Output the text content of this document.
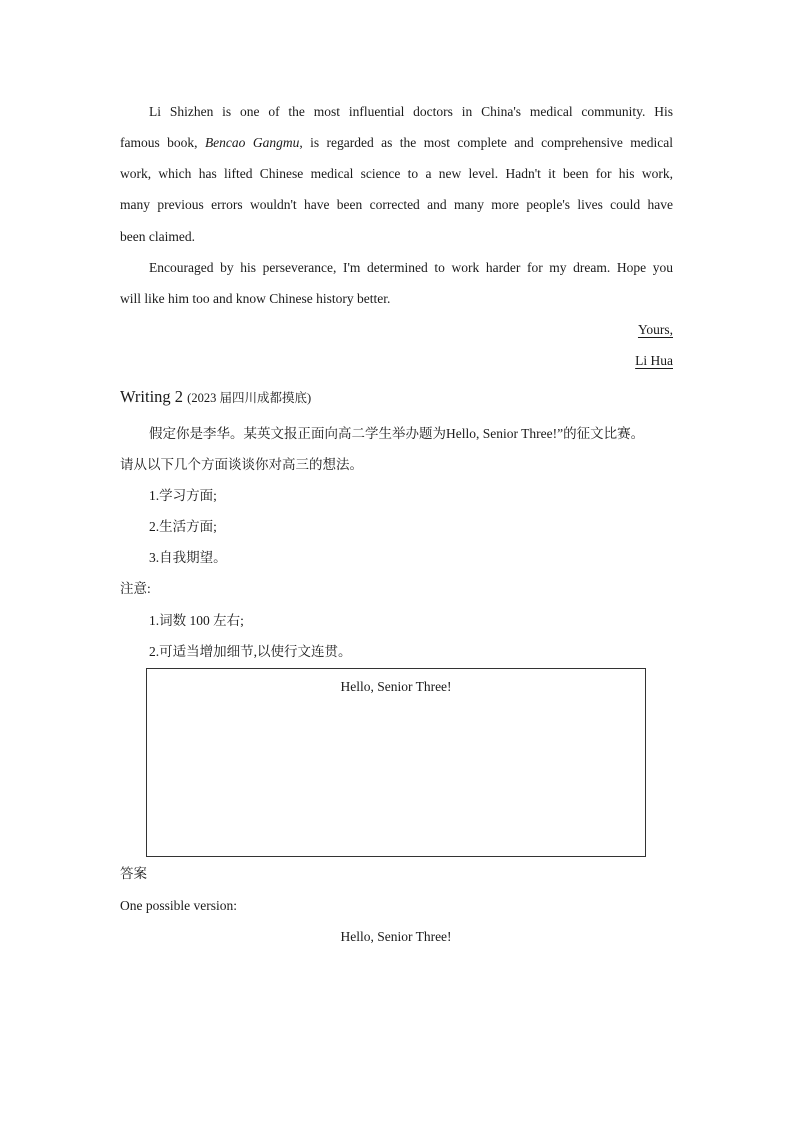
Li Shizhen is one of the most influential doctors in China's medical community. His
famous book, Bencao Gangmu, is regarded as the most complete and comprehensive medical
work, which has lifted Chinese medical science to a new level. Hadn't it been for his work,
many previous errors wouldn't have been corrected and many more people's lives could have
been claimed.
Encouraged by his perseverance, I'm determined to work harder for my dream. Hope you
will like him too and know Chinese history better.
Yours,
Li Hua
Writing 2 (2023 届四川成都摸底)
假定你是李华。某英文报正面向高二学生举办题为Hello, Senior Three!”的征文比赛。
请从以下几个方面谈谈你对高三的想法。
1.学习方面;
2.生活方面;
3.自我期望。
注意:
1.词数 100 左右;
2.可适当增加细节,以使行文连贯。
Hello, Senior Three!
答案
One possible version:
Hello, Senior Three!
